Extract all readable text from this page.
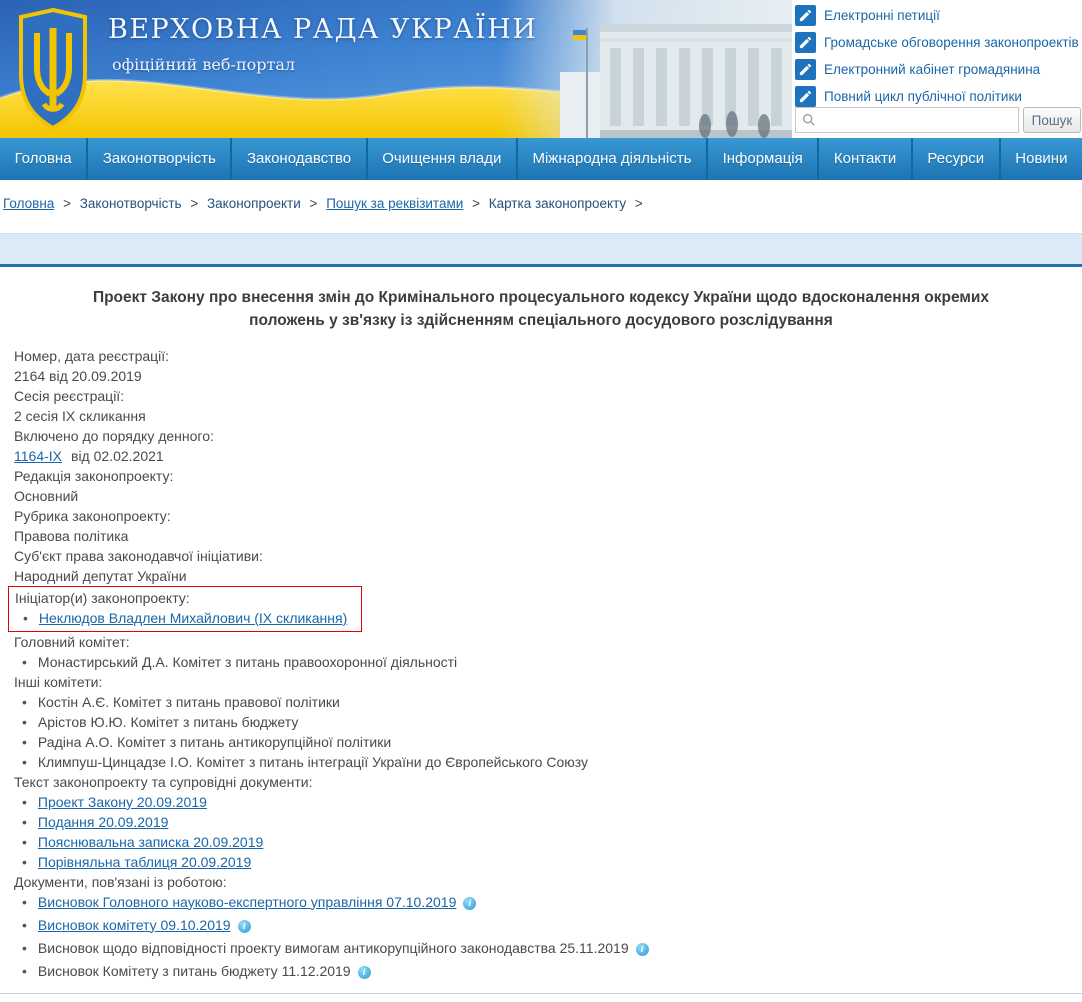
ВЕРХОВНА РАДА УКРАЇНИ
офіційний веб-портал
Електронні петиції
Громадське обговорення законопроектів
Електронний кабінет громадянина
Повний цикл публічної політики
Пошук
Головна	Законотворчість	Законодавство	Очищення влади	Міжнародна діяльність	Інформація	Контакти	Ресурси	Новини
Головна > Законотворчість > Законопроекти > Пошук за реквізитами > Картка законопроекту >
Проект Закону про внесення змін до Кримінального процесуального кодексу України щодо вдосконалення окремих положень у зв'язку із здійсненням спеціального досудового розслідування
Номер, дата реєстрації:
2164 від 20.09.2019
Сесія реєстрації:
2 сесія IX скликання
Включено до порядку денного:
1164-IX від 02.02.2021
Редакція законопроекту:
Основний
Рубрика законопроекту:
Правова політика
Суб'єкт права законодавчої ініціативи:
Народний депутат України
Ініціатор(и) законопроекту:
• Неклюдов Владлен Михайлович (IX скликання)
Головний комітет:
• Монастирський Д.А. Комітет з питань правоохоронної діяльності
Інші комітети:
• Костін А.Є. Комітет з питань правової політики
• Арістов Ю.Ю. Комітет з питань бюджету
• Радіна А.О. Комітет з питань антикорупційної політики
• Климпуш-Цинцадзе І.О. Комітет з питань інтеграції України до Європейського Союзу
Текст законопроекту та супровідні документи:
• Проект Закону 20.09.2019
• Подання 20.09.2019
• Пояснювальна записка 20.09.2019
• Порівняльна таблиця 20.09.2019
Документи, пов'язані із роботою:
• Висновок Головного науково-експертного управління 07.10.2019 i
• Висновок комітету 09.10.2019 i
• Висновок щодо відповідності проекту вимогам антикорупційного законодавства 25.11.2019 i
• Висновок Комітету з питань бюджету 11.12.2019 i
